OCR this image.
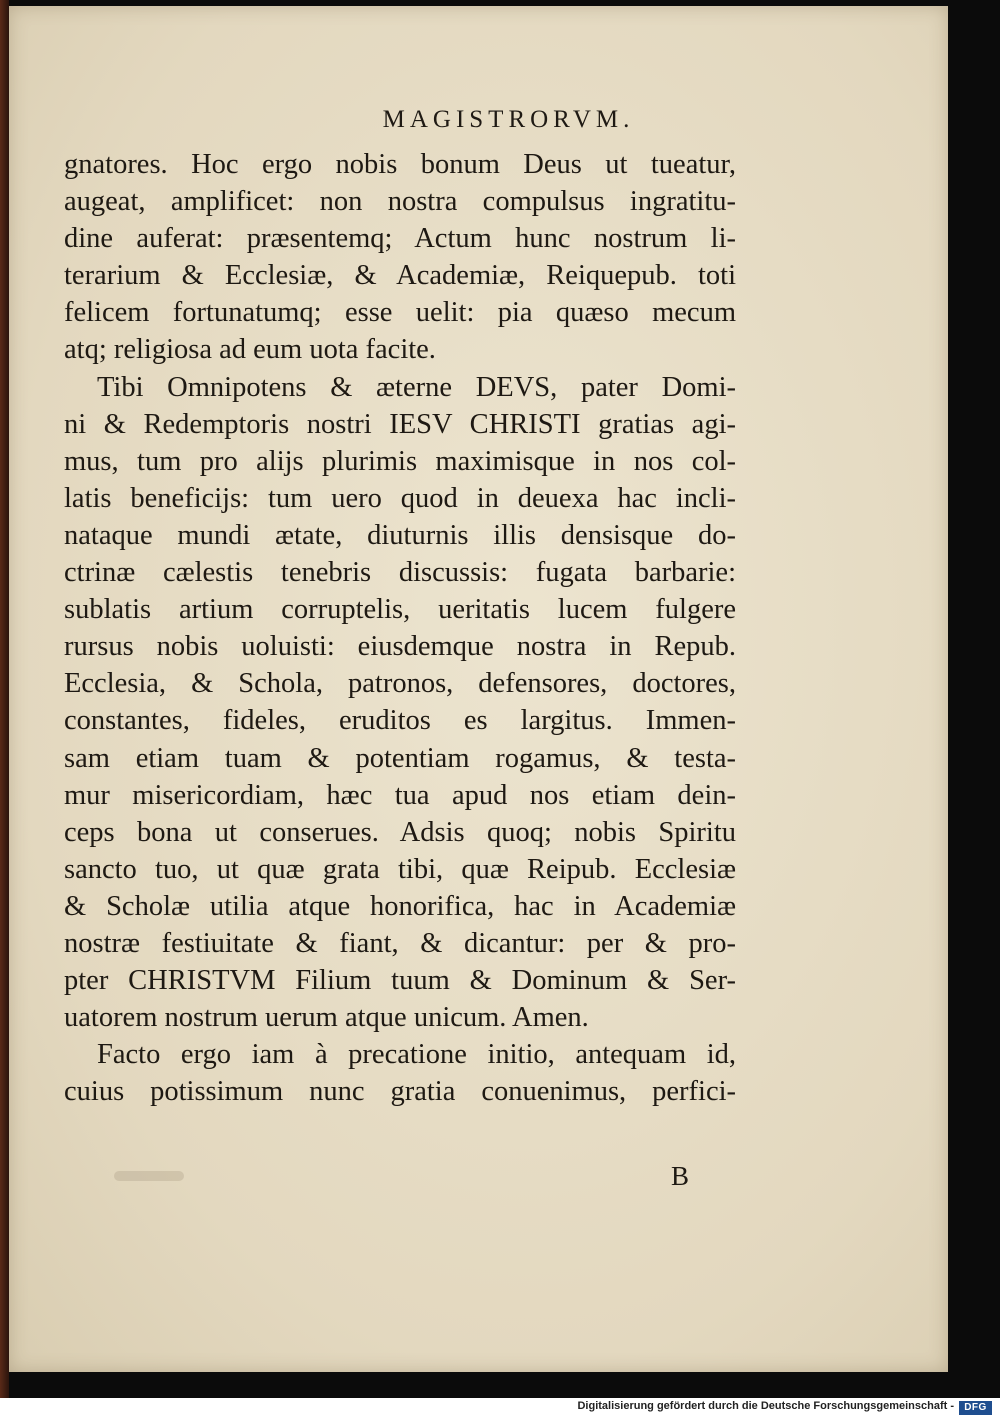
MAGISTRORVM.
gnatores. Hoc ergo nobis bonum Deus ut tueatur,
augeat, amplificet: non nostra compulsus ingratitu-
dine auferat: præsentemq; Actum hunc nostrum li-
terarium & Ecclesiæ, & Academiæ, Reiquepub. toti
felicem fortunatumq; esse uelit: pia quæso mecum
atq; religiosa ad eum uota facite.
Tibi Omnipotens & æterne DEVS, pater Domi-
ni & Redemptoris nostri IESV CHRISTI gratias agi-
mus, tum pro alijs plurimis maximisque in nos col-
latis beneficijs: tum uero quod in deuexa hac incli-
nataque mundi ætate, diuturnis illis densisque do-
ctrinæ cælestis tenebris discussis: fugata barbarie:
sublatis artium corruptelis, ueritatis lucem fulgere
rursus nobis uoluisti: eiusdemque nostra in Repub.
Ecclesia, & Schola, patronos, defensores, doctores,
constantes, fideles, eruditos es largitus. Immen-
sam etiam tuam & potentiam rogamus, & testa-
mur misericordiam, hæc tua apud nos etiam dein-
ceps bona ut conserues. Adsis quoq; nobis Spiritu
sancto tuo, ut quæ grata tibi, quæ Reipub. Ecclesiæ
& Scholæ utilia atque honorifica, hac in Academiæ
nostræ festiuitate & fiant, & dicantur: per & pro-
pter CHRISTVM Filium tuum & Dominum & Ser-
uatorem nostrum uerum atque unicum. Amen.
Facto ergo iam à precatione initio, antequam id,
cuius potissimum nunc gratia conuenimus, perfici-
B
Digitalisierung gefördert durch die Deutsche Forschungsgemeinschaft -	DFG
